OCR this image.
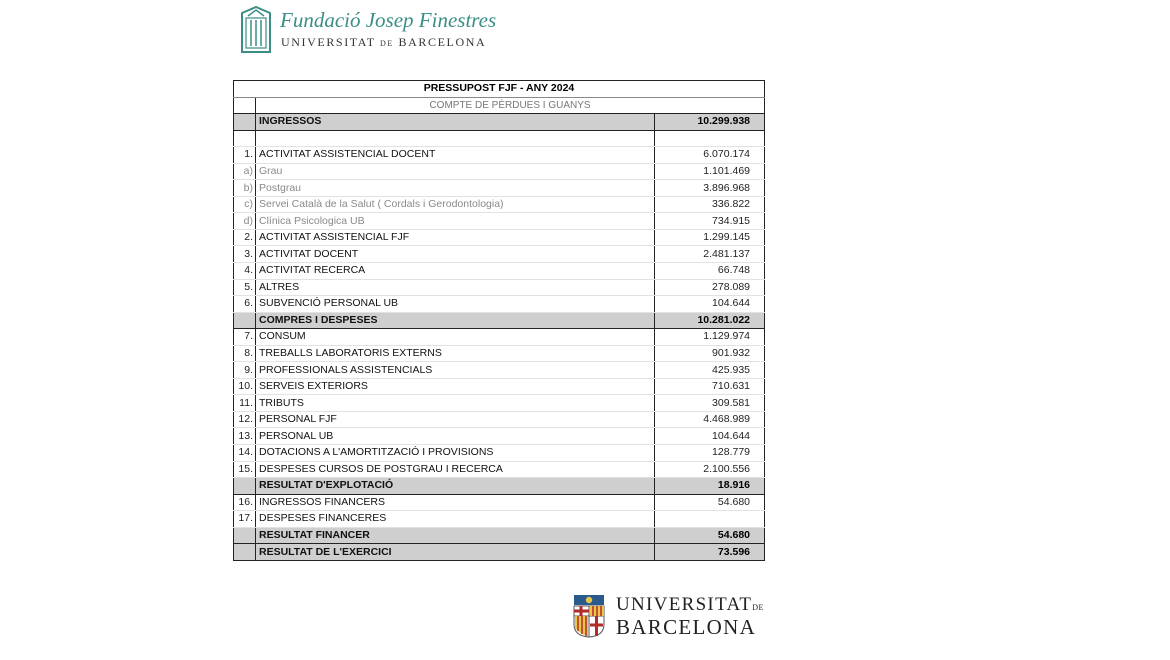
Fundació Josep Finestres
UNIVERSITAT DE BARCELONA
PRESSUPOST FJF - ANY 2024		
	COMPTE DE PÈRDUES I GUANYS	
	INGRESSOS	10.299.938

1.	ACTIVITAT ASSISTENCIAL DOCENT	6.070.174
a)	Grau	1.101.469
b)	Postgrau	3.896.968
c)	Servei Català de la Salut ( Cordals i Gerodontologia)	336.822
d)	Clínica Psicologica UB	734.915
2.	ACTIVITAT ASSISTENCIAL FJF	1.299.145
3.	ACTIVITAT DOCENT	2.481.137
4.	ACTIVITAT RECERCA	66.748
5.	ALTRES	278.089
6.	SUBVENCIÓ PERSONAL UB	104.644
	COMPRES I DESPESES	10.281.022
7.	CONSUM	1.129.974
8.	TREBALLS LABORATORIS EXTERNS	901.932
9.	PROFESSIONALS ASSISTENCIALS	425.935
10.	SERVEIS EXTERIORS	710.631
11.	TRIBUTS	309.581
12.	PERSONAL FJF	4.468.989
13.	PERSONAL UB	104.644
14.	DOTACIONS A L'AMORTITZACIÓ I PROVISIONS	128.779
15.	DESPESES CURSOS DE POSTGRAU I RECERCA	2.100.556
	RESULTAT D'EXPLOTACIÓ	18.916
16.	INGRESSOS FINANCERS	54.680
17.	DESPESES FINANCERES	
	RESULTAT FINANCER	54.680
	RESULTAT DE L'EXERCICI	73.596
UNIVERSITATDE
BARCELONA
